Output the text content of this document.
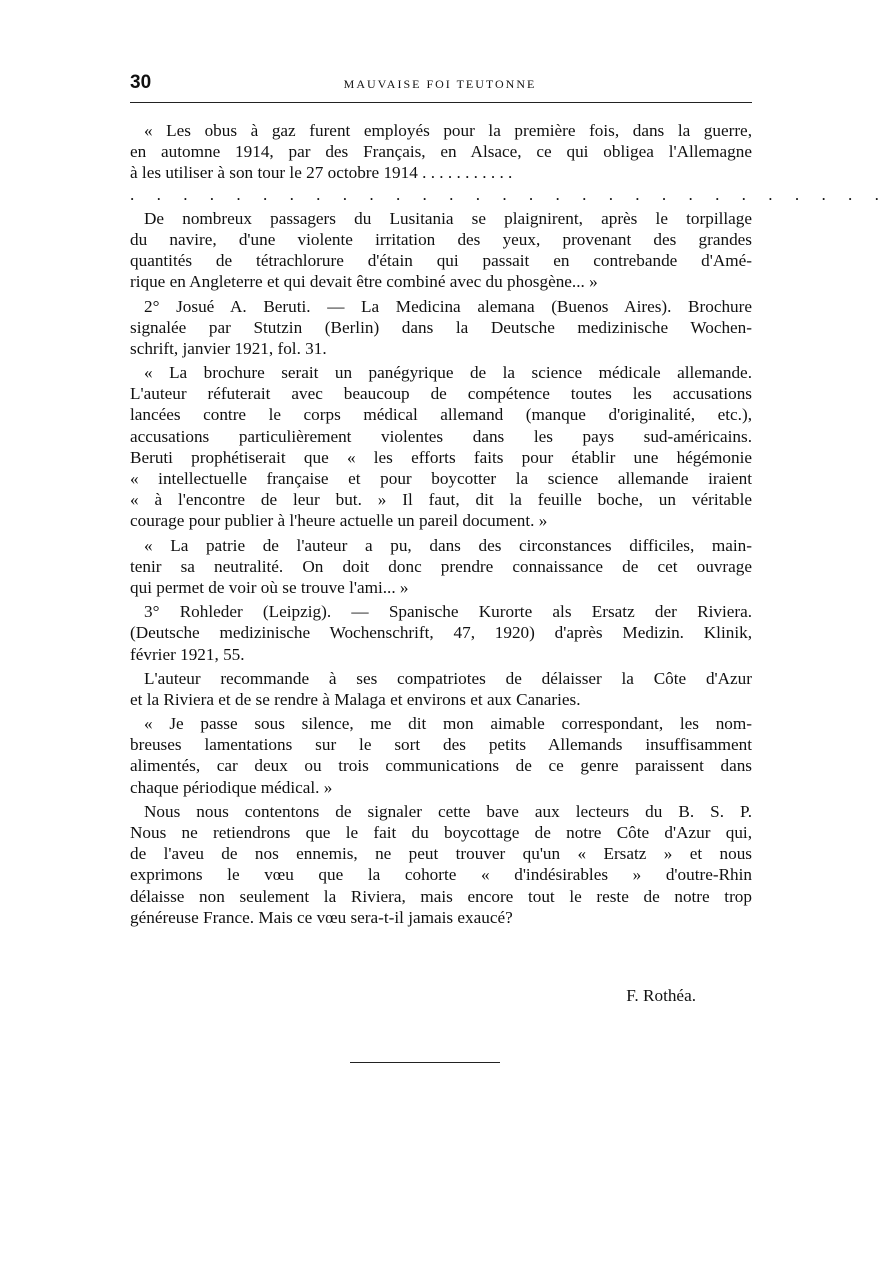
30	MAUVAISE FOI TEUTONNE
« Les obus à gaz furent employés pour la première fois, dans la guerre,
en automne 1914, par des Français, en Alsace, ce qui obligea l'Allemagne
à les utiliser à son tour le 27 octobre 1914 . . . . . . . . . . .
. . . . . . . . . . . . . . . . . . . . . . . . . . . . .
De nombreux passagers du Lusitania se plaignirent, après le torpillage
du navire, d'une violente irritation des yeux, provenant des grandes
quantités de tétrachlorure d'étain qui passait en contrebande d'Amé-
rique en Angleterre et qui devait être combiné avec du phosgène... »
2° Josué A. Beruti. — La Medicina alemana (Buenos Aires). Brochure
signalée par Stutzin (Berlin) dans la Deutsche medizinische Wochen-
schrift, janvier 1921, fol. 31.
« La brochure serait un panégyrique de la science médicale allemande.
L'auteur réfuterait avec beaucoup de compétence toutes les accusations
lancées contre le corps médical allemand (manque d'originalité, etc.),
accusations particulièrement violentes dans les pays sud-américains.
Beruti prophétiserait que « les efforts faits pour établir une hégémonie
« intellectuelle française et pour boycotter la science allemande iraient
« à l'encontre de leur but. » Il faut, dit la feuille boche, un véritable
courage pour publier à l'heure actuelle un pareil document. »
« La patrie de l'auteur a pu, dans des circonstances difficiles, main-
tenir sa neutralité. On doit donc prendre connaissance de cet ouvrage
qui permet de voir où se trouve l'ami... »
3° Rohleder (Leipzig). — Spanische Kurorte als Ersatz der Riviera.
(Deutsche medizinische Wochenschrift, 47, 1920) d'après Medizin. Klinik,
février 1921, 55.
L'auteur recommande à ses compatriotes de délaisser la Côte d'Azur
et la Riviera et de se rendre à Malaga et environs et aux Canaries.
« Je passe sous silence, me dit mon aimable correspondant, les nom-
breuses lamentations sur le sort des petits Allemands insuffisamment
alimentés, car deux ou trois communications de ce genre paraissent dans
chaque périodique médical. »
Nous nous contentons de signaler cette bave aux lecteurs du B. S. P.
Nous ne retiendrons que le fait du boycottage de notre Côte d'Azur qui,
de l'aveu de nos ennemis, ne peut trouver qu'un « Ersatz » et nous
exprimons le vœu que la cohorte « d'indésirables » d'outre-Rhin
délaisse non seulement la Riviera, mais encore tout le reste de notre trop
généreuse France. Mais ce vœu sera-t-il jamais exaucé?
F. Rothéa.
